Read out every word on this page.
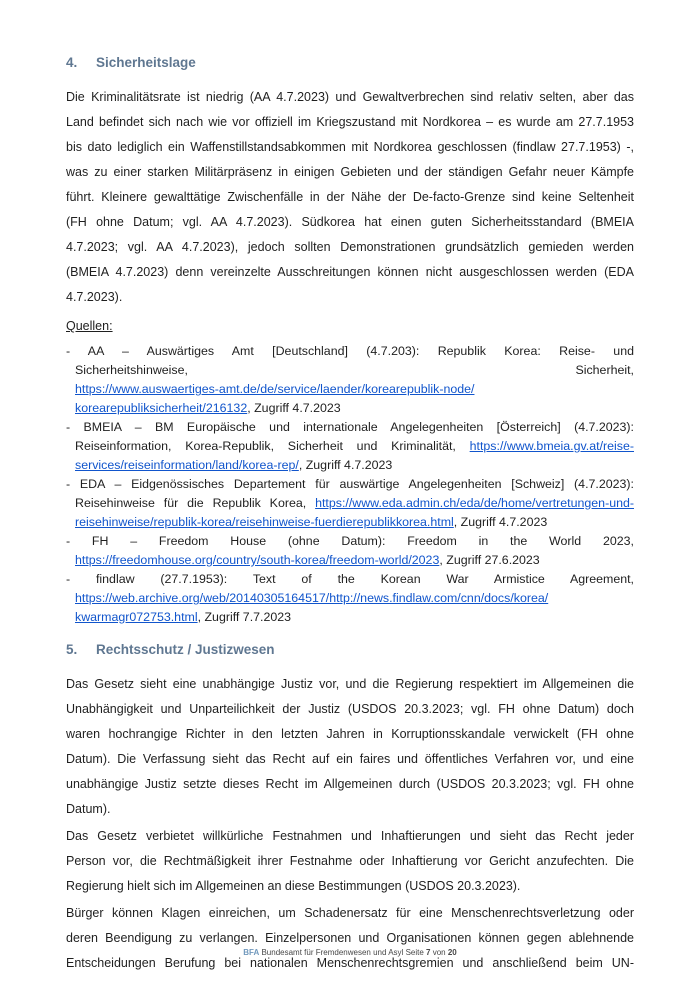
4. Sicherheitslage
Die Kriminalitätsrate ist niedrig (AA 4.7.2023) und Gewaltverbrechen sind relativ selten, aber das
Land befindet sich nach wie vor offiziell im Kriegszustand mit Nordkorea – es wurde am 27.7.1953
bis dato lediglich ein Waffenstillstandsabkommen mit Nordkorea geschlossen (findlaw 27.7.1953) -,
was zu einer starken Militärpräsenz in einigen Gebieten und der ständigen Gefahr neuer Kämpfe
führt. Kleinere gewalttätige Zwischenfälle in der Nähe der De-facto-Grenze sind keine Seltenheit
(FH ohne Datum; vgl. AA 4.7.2023). Südkorea hat einen guten Sicherheitsstandard (BMEIA
4.7.2023; vgl. AA 4.7.2023), jedoch sollten Demonstrationen grundsätzlich gemieden werden
(BMEIA 4.7.2023) denn vereinzelte Ausschreitungen können nicht ausgeschlossen werden (EDA
4.7.2023).
Quellen:
- AA – Auswärtiges Amt [Deutschland] (4.7.203): Republik Korea: Reise- und
Sicherheitshinweise,	Sicherheit,
https://www.auswaertiges-amt.de/de/service/laender/korearepublik-node/
korearepubliksicherheit/216132, Zugriff 4.7.2023
- BMEIA – BM Europäische und internationale Angelegenheiten [Österreich] (4.7.2023):
Reiseinformation, Korea-Republik, Sicherheit und Kriminalität, https://www.bmeia.gv.at/reise-
services/reiseinformation/land/korea-rep/, Zugriff 4.7.2023
- EDA – Eidgenössisches Departement für auswärtige Angelegenheiten [Schweiz] (4.7.2023):
Reisehinweise für die Republik Korea, https://www.eda.admin.ch/eda/de/home/vertretungen-und-
reisehinweise/republik-korea/reisehinweise-fuerdierepublikkorea.html, Zugriff 4.7.2023
- FH – Freedom House (ohne Datum): Freedom in the World 2023,
https://freedomhouse.org/country/south-korea/freedom-world/2023, Zugriff 27.6.2023
- findlaw (27.7.1953): Text of the Korean War Armistice Agreement,
https://web.archive.org/web/20140305164517/http://news.findlaw.com/cnn/docs/korea/
kwarmagr072753.html, Zugriff 7.7.2023
5. Rechtsschutz / Justizwesen
Das Gesetz sieht eine unabhängige Justiz vor, und die Regierung respektiert im Allgemeinen die
Unabhängigkeit und Unparteilichkeit der Justiz (USDOS 20.3.2023; vgl. FH ohne Datum) doch
waren hochrangige Richter in den letzten Jahren in Korruptionsskandale verwickelt (FH ohne
Datum). Die Verfassung sieht das Recht auf ein faires und öffentliches Verfahren vor, und eine
unabhängige Justiz setzte dieses Recht im Allgemeinen durch (USDOS 20.3.2023; vgl. FH ohne
Datum).
Das Gesetz verbietet willkürliche Festnahmen und Inhaftierungen und sieht das Recht jeder
Person vor, die Rechtmäßigkeit ihrer Festnahme oder Inhaftierung vor Gericht anzufechten. Die
Regierung hielt sich im Allgemeinen an diese Bestimmungen (USDOS 20.3.2023).
Bürger können Klagen einreichen, um Schadenersatz für eine Menschenrechtsverletzung oder
deren Beendigung zu verlangen. Einzelpersonen und Organisationen können gegen ablehnende
Entscheidungen Berufung bei nationalen Menschenrechtsgremien und anschließend beim UN-
BFA Bundesamt für Fremdenwesen und Asyl Seite 7 von 20
